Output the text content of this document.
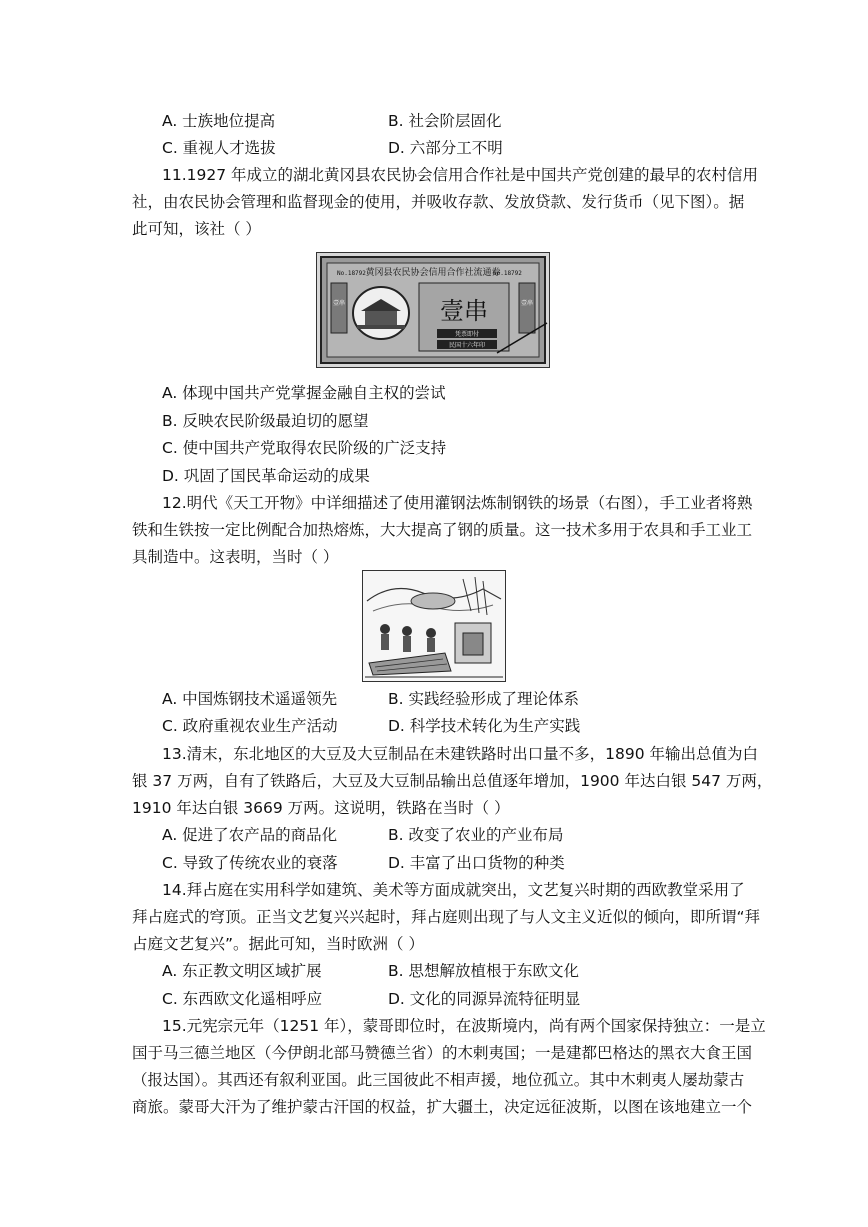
A. 士族地位提高	B. 社会阶层固化
C. 重视人才选拔	D. 六部分工不明
11.1927 年成立的湖北黄冈县农民协会信用合作社是中国共产党创建的最早的农村信用
社，由农民协会管理和监督现金的使用，并吸收存款、发放贷款、发行货币（见下图）。据
此可知，该社（ ）
黄冈县农民协会信用合作社流通券
No.18792	No.18792
壹串	壹串
壹串
凭票即付
民国十六年印
A. 体现中国共产党掌握金融自主权的尝试
B. 反映农民阶级最迫切的愿望
C. 使中国共产党取得农民阶级的广泛支持
D. 巩固了国民革命运动的成果
12.明代《天工开物》中详细描述了使用灌钢法炼制钢铁的场景（右图），手工业者将熟
铁和生铁按一定比例配合加热熔炼，大大提高了钢的质量。这一技术多用于农具和手工业工
具制造中。这表明，当时（ ）
A. 中国炼钢技术遥遥领先	B. 实践经验形成了理论体系
C. 政府重视农业生产活动	D. 科学技术转化为生产实践
13.清末，东北地区的大豆及大豆制品在未建铁路时出口量不多，1890 年输出总值为白
银 37 万两，自有了铁路后，大豆及大豆制品输出总值逐年增加，1900 年达白银 547 万两，
1910 年达白银 3669 万两。这说明，铁路在当时（ ）
A. 促进了农产品的商品化	B. 改变了农业的产业布局
C. 导致了传统农业的衰落	D. 丰富了出口货物的种类
14.拜占庭在实用科学如建筑、美术等方面成就突出，文艺复兴时期的西欧教堂采用了
拜占庭式的穹顶。正当文艺复兴兴起时，拜占庭则出现了与人文主义近似的倾向，即所谓“拜
占庭文艺复兴”。据此可知，当时欧洲（ ）
A. 东正教文明区域扩展	B. 思想解放植根于东欧文化
C. 东西欧文化遥相呼应	D. 文化的同源异流特征明显
15.元宪宗元年（1251 年），蒙哥即位时，在波斯境内，尚有两个国家保持独立：一是立
国于马三德兰地区（今伊朗北部马赞德兰省）的木剌夷国；一是建都巴格达的黑衣大食王国
（报达国）。其西还有叙利亚国。此三国彼此不相声援，地位孤立。其中木剌夷人屡劫蒙古
商旅。蒙哥大汗为了维护蒙古汗国的权益，扩大疆土，决定远征波斯，以图在该地建立一个
